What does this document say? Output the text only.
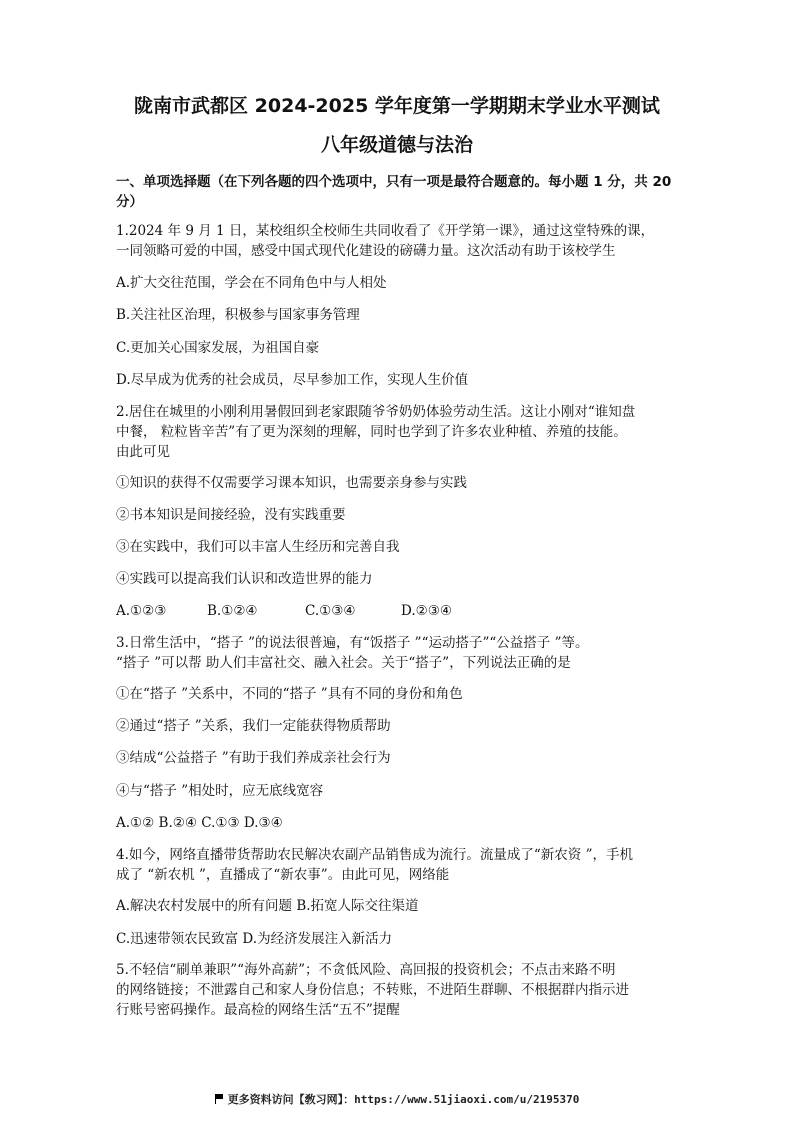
陇南市武都区 2024-2025 学年度第一学期期末学业水平测试
八年级道德与法治
一、单项选择题（在下列各题的四个选项中，只有一项是最符合题意的。每小题 1 分，共 20 分）
1.2024 年 9 月 1 日，某校组织全校师生共同收看了《开学第一课》，通过这堂特殊的课，
一同领略可爱的中国，感受中国式现代化建设的磅礴力量。这次活动有助于该校学生
A.扩大交往范围，学会在不同角色中与人相处
B.关注社区治理，积极参与国家事务管理
C.更加关心国家发展，为祖国自豪
D.尽早成为优秀的社会成员，尽早参加工作，实现人生价值
2.居住在城里的小刚利用暑假回到老家跟随爷爷奶奶体验劳动生活。这让小刚对“谁知盘
中餐， 粒粒皆辛苦”有了更为深刻的理解，同时也学到了许多农业种植、养殖的技能。
由此可见
①知识的获得不仅需要学习课本知识，也需要亲身参与实践
②书本知识是间接经验，没有实践重要
③在实践中，我们可以丰富人生经历和完善自我
④实践可以提高我们认识和改造世界的能力
A.①②③	B.①②④	C.①③④	D.②③④
3.日常生活中，“搭子 ”的说法很普遍，有“饭搭子 ”“运动搭子”“公益搭子 ”等。
“搭子 ”可以帮 助人们丰富社交、融入社会。关于“搭子”，下列说法正确的是
①在“搭子 ”关系中，不同的“搭子 ”具有不同的身份和角色
②通过“搭子 ”关系，我们一定能获得物质帮助
③结成“公益搭子 ”有助于我们养成亲社会行为
④与“搭子 ”相处时，应无底线宽容
A.①② B.②④ C.①③ D.③④
4.如今，网络直播带货帮助农民解决农副产品销售成为流行。流量成了“新农资 ”，手机
成了 “新农机 ”，直播成了“新农事”。由此可见，网络能
A.解决农村发展中的所有问题 B.拓宽人际交往渠道
C.迅速带领农民致富 D.为经济发展注入新活力
5.不轻信“刷单兼职”“海外高薪”；不贪低风险、高回报的投资机会；不点击来路不明
的网络链接；不泄露自己和家人身份信息；不转账，不进陌生群聊、不根据群内指示进
行账号密码操作。最高检的网络生活“五不”提醒
更多资料访问【敎习网】：https://www.51jiaoxi.com/u/2195370
